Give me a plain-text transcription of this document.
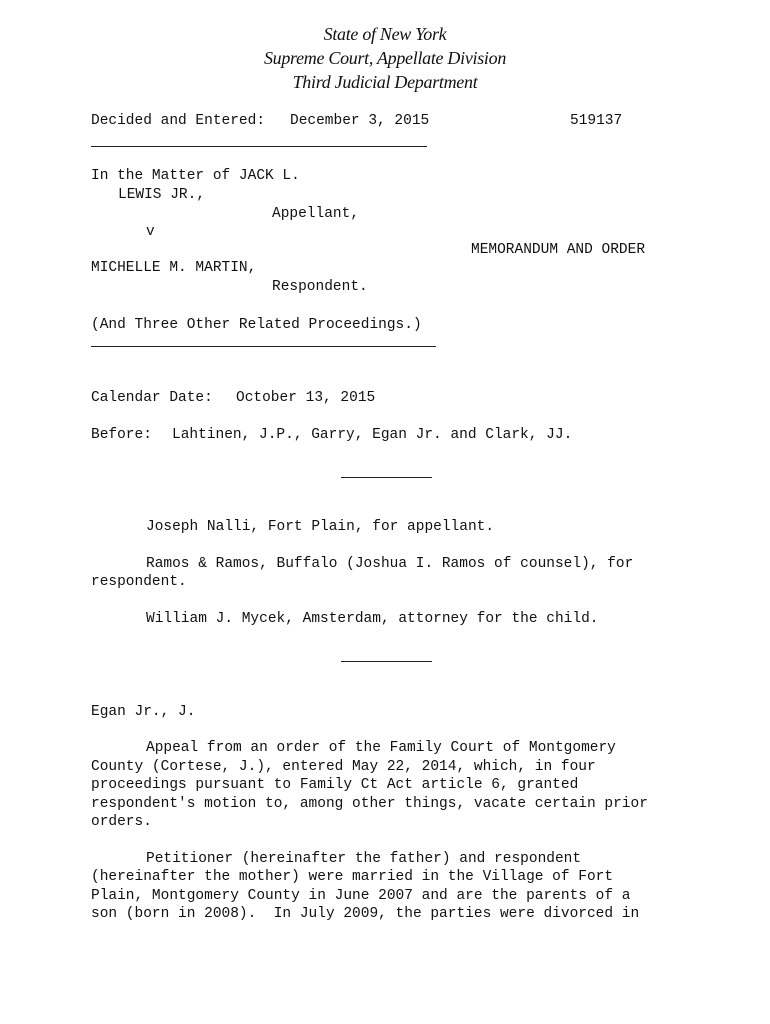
State of New York
Supreme Court, Appellate Division
Third Judicial Department
Decided and Entered: December 3, 2015	519137
In the Matter of JACK L.
LEWIS JR.,
Appellant,
v
MEMORANDUM AND ORDER
MICHELLE M. MARTIN,
Respondent.
(And Three Other Related Proceedings.)
Calendar Date: October 13, 2015
Before: Lahtinen, J.P., Garry, Egan Jr. and Clark, JJ.
Joseph Nalli, Fort Plain, for appellant.
Ramos & Ramos, Buffalo (Joshua I. Ramos of counsel), for
respondent.
William J. Mycek, Amsterdam, attorney for the child.
Egan Jr., J.
Appeal from an order of the Family Court of Montgomery
County (Cortese, J.), entered May 22, 2014, which, in four
proceedings pursuant to Family Ct Act article 6, granted
respondent's motion to, among other things, vacate certain prior
orders.
Petitioner (hereinafter the father) and respondent
(hereinafter the mother) were married in the Village of Fort
Plain, Montgomery County in June 2007 and are the parents of a
son (born in 2008).  In July 2009, the parties were divorced in
